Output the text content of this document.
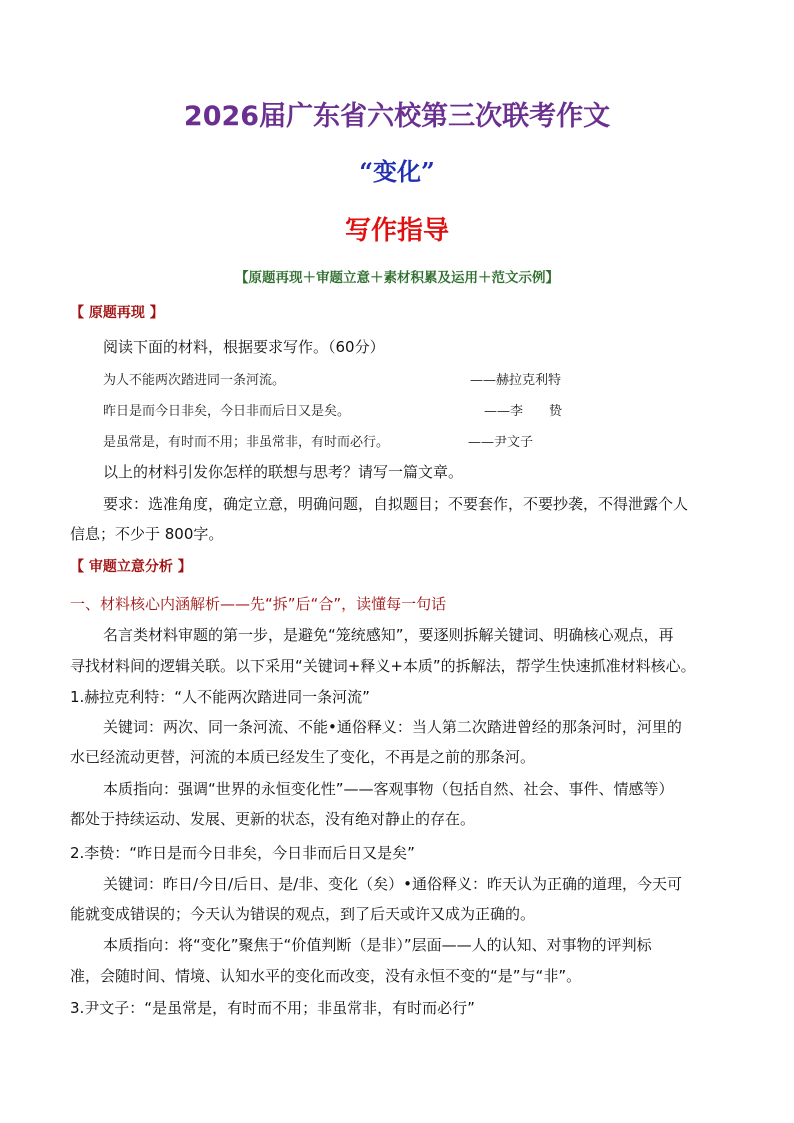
2026届广东省六校第三次联考作文
“变化”
写作指导
【原题再现＋审题立意＋素材积累及运用＋范文示例】
【 原题再现 】
阅读下面的材料，根据要求写作。（60分）
为人不能两次踏进同一条河流。	——赫拉克利特
昨日是而今日非矣，今日非而后日又是矣。	——李　　贽
是虽常是，有时而不用；非虽常非，有时而必行。	——尹文子
以上的材料引发你怎样的联想与思考？请写一篇文章。
要求：选准角度，确定立意，明确问题，自拟题目；不要套作，不要抄袭，不得泄露个人
信息；不少于 800字。
【 审题立意分析 】
一、材料核心内涵解析——先“拆”后“合”，读懂每一句话
名言类材料审题的第一步，是避免“笼统感知”，要逐则拆解关键词、明确核心观点，再
寻找材料间的逻辑关联。以下采用“关键词+释义+本质”的拆解法，帮学生快速抓准材料核心。
1.赫拉克利特：“人不能两次踏进同一条河流”
关键词：两次、同一条河流、不能•通俗释义：当人第二次踏进曾经的那条河时，河里的
水已经流动更替，河流的本质已经发生了变化，不再是之前的那条河。
本质指向：强调“世界的永恒变化性”——客观事物（包括自然、社会、事件、情感等）
都处于持续运动、发展、更新的状态，没有绝对静止的存在。
2.李贽：“昨日是而今日非矣，今日非而后日又是矣”
关键词：昨日/今日/后日、是/非、变化（矣）•通俗释义：昨天认为正确的道理，今天可
能就变成错误的；今天认为错误的观点，到了后天或许又成为正确的。
本质指向：将“变化”聚焦于“价值判断（是非）”层面——人的认知、对事物的评判标
准，会随时间、情境、认知水平的变化而改变，没有永恒不变的“是”与“非”。
3.尹文子：“是虽常是，有时而不用；非虽常非，有时而必行”
